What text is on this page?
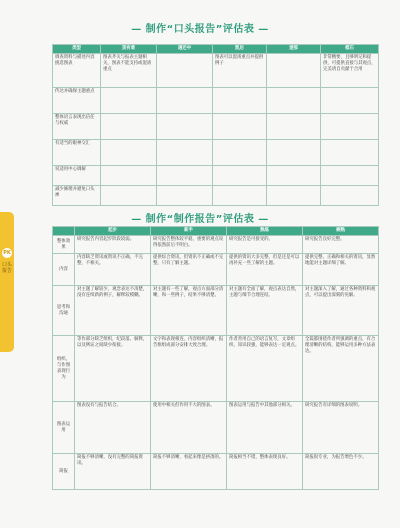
PK
口头报告
— 制作“口头报告”评估表 —
类型	顶有难	遇还中	凯后	递那	框石
调查资料与描述内容挑选图表	图表齐关与报表主题相关，图表不能支持或混淆重点		图表可以混淆重点并提供例子		非常精要，且够明记和提供，可提供直接与其观点，完美请自贡献于合用
传达并确保主题重点					
整体语言表现出信任与权威					
有适当的眼神交汇					
说适用中心调解					
减少修理并避免口头禅					
— 制作“制作报告”评估表 —
	起步	新手	熟练	娴熟
整体效果	研究报告内容起步阶段较弱。	研究报告整体较平稳，重要的观点说得依然前后不明白。	研究报告是可接受的。	研究报告良好完整。
内容	内容缺乏资讯或资讯不正确，不完整，不相关。	提供综合资讯，但资讯不正确或不完整，只有了解主题。	提供的资讯大多完整，但是还是可以再补充一些了解的主题。	提供完整、正确和相关的资讯，显然地能对主题详细了解。
思考和沟通	对主题了解较少，观念表达不清楚，没有连续新的例子，解释较模糊。	对主题有一些了解，观点方面部分清晰，和一些例子，结果不够清楚。	对主题有全面了解，观点表达自然，主题与细节合理连结。	对主题深入了解，通过各种资料和观点，可以提出深刻的见解。
组织、与作图表现行为	等作部分缺乏组织，纪段落、解释，以及例证之间缺少衔接。	文字和表现相连，内容组织清晰，报告框组成部分安排大致合理。	作者善用自己的语言复写，文章组织、知识较强，能够表达一定观点。	全篇都围绕作者所强调的重点，有合理清晰的结构，能够运用多种方法表达。
图表运用	图表没有与报告结合。	使用中相关但作用不大的图表。	图表运用与报告中其他部分相关。	研究报告有详细的图表说明。
简报	简报不够清晰，没有完整的简报资讯。	简报不够清晰，看起来像是拼凑的。	简报相当不错，整体表现良好。	简报很专业，为报告增色不少。
